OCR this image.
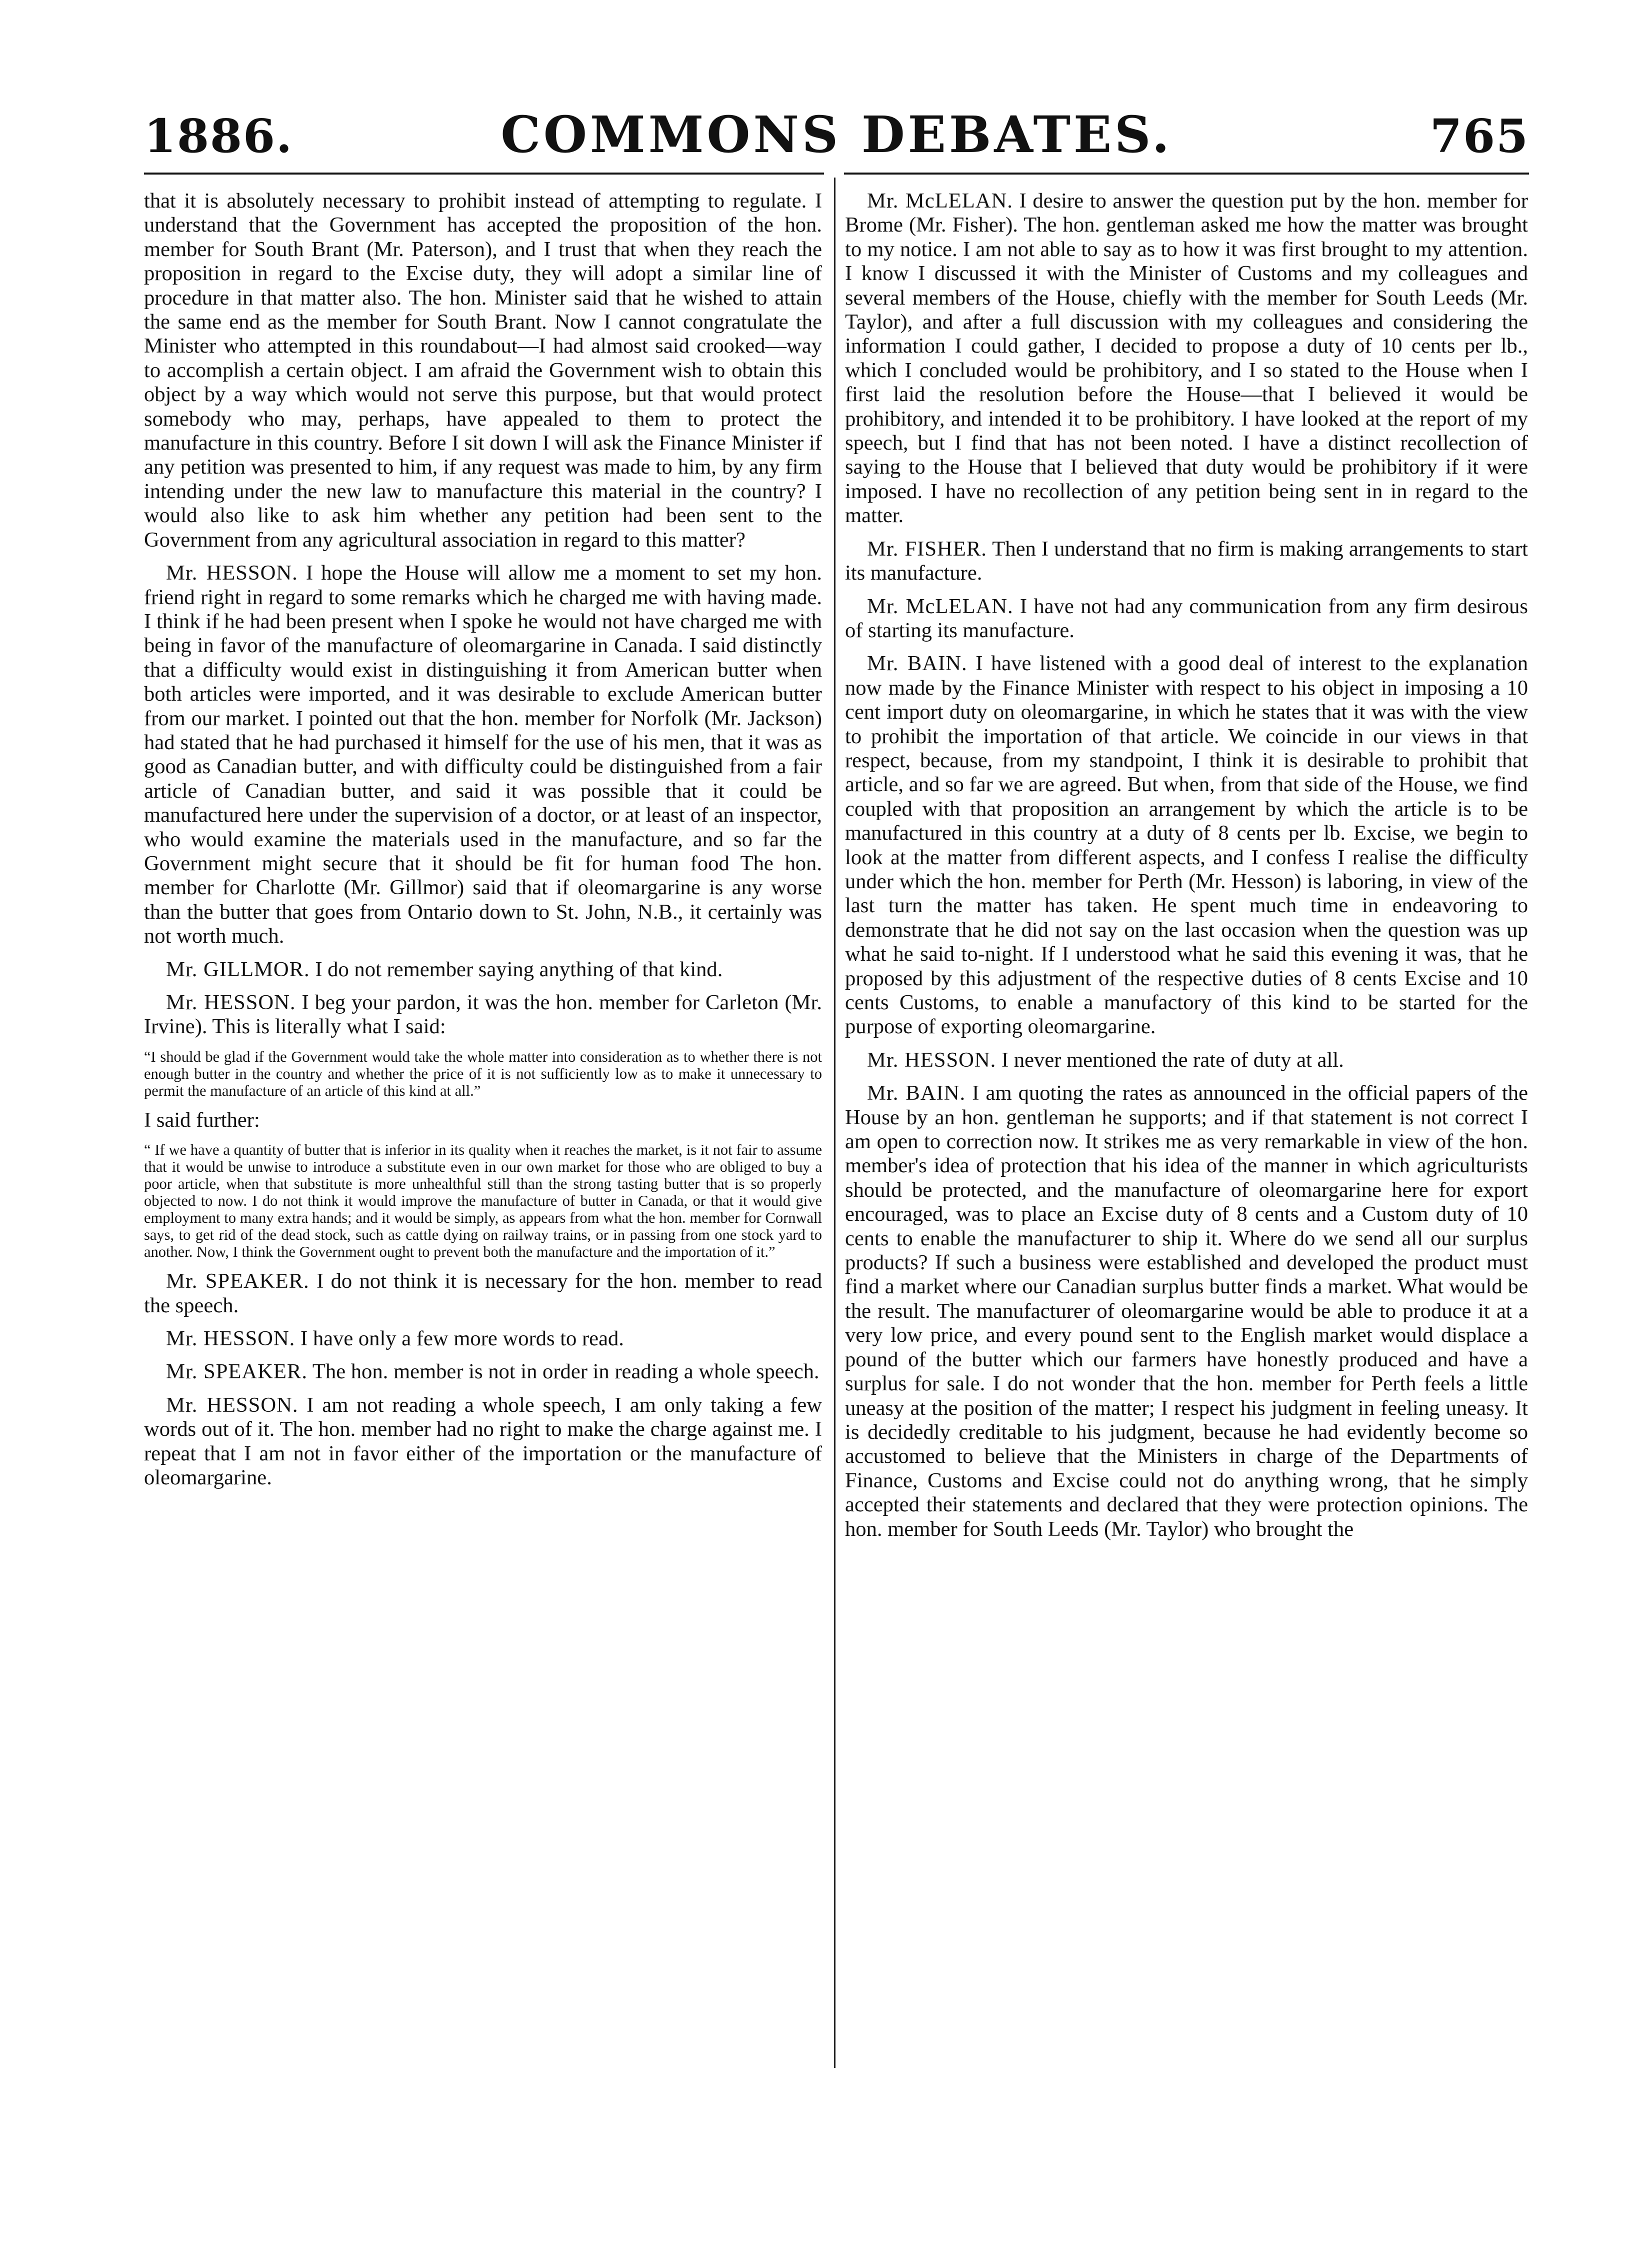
1886.	COMMONS DEBATES.	765

that it is absolutely necessary to prohibit instead of attempting to regulate. I understand that the Government has accepted the proposition of the hon. member for South Brant (Mr. Paterson), and I trust that when they reach the proposition in regard to the Excise duty, they will adopt a similar line of procedure in that matter also. The hon. Minister said that he wished to attain the same end as the member for South Brant. Now I cannot congratulate the Minister who attempted in this roundabout—I had almost said crooked—way to accomplish a certain object. I am afraid the Government wish to obtain this object by a way which would not serve this purpose, but that would protect somebody who may, perhaps, have appealed to them to protect the manufacture in this country. Before I sit down I will ask the Finance Minister if any petition was presented to him, if any request was made to him, by any firm intending under the new law to manufacture this material in the country? I would also like to ask him whether any petition had been sent to the Government from any agricultural association in regard to this matter?

Mr. HESSON. I hope the House will allow me a moment to set my hon. friend right in regard to some remarks which he charged me with having made. I think if he had been present when I spoke he would not have charged me with being in favor of the manufacture of oleomargarine in Canada. I said distinctly that a difficulty would exist in distinguishing it from American butter when both articles were imported, and it was desirable to exclude American butter from our market. I pointed out that the hon. member for Norfolk (Mr. Jackson) had stated that he had purchased it himself for the use of his men, that it was as good as Canadian butter, and with difficulty could be distinguished from a fair article of Canadian butter, and said it was possible that it could be manufactured here under the supervision of a doctor, or at least of an inspector, who would examine the materials used in the manufacture, and so far the Government might secure that it should be fit for human food The hon. member for Charlotte (Mr. Gillmor) said that if oleomargarine is any worse than the butter that goes from Ontario down to St. John, N.B., it certainly was not worth much.

Mr. GILLMOR. I do not remember saying anything of that kind.

Mr. HESSON. I beg your pardon, it was the hon. member for Carleton (Mr. Irvine). This is literally what I said:

“I should be glad if the Government would take the whole matter into consideration as to whether there is not enough butter in the country and whether the price of it is not sufficiently low as to make it unnecessary to permit the manufacture of an article of this kind at all.”

I said further:

“ If we have a quantity of butter that is inferior in its quality when it reaches the market, is it not fair to assume that it would be unwise to introduce a substitute even in our own market for those who are obliged to buy a poor article, when that substitute is more unhealthful still than the strong tasting butter that is so properly objected to now. I do not think it would improve the manufacture of butter in Canada, or that it would give employment to many extra hands; and it would be simply, as appears from what the hon. member for Cornwall says, to get rid of the dead stock, such as cattle dying on railway trains, or in passing from one stock yard to another. Now, I think the Government ought to prevent both the manufacture and the importation of it.”

Mr. SPEAKER. I do not think it is necessary for the hon. member to read the speech.

Mr. HESSON. I have only a few more words to read.

Mr. SPEAKER. The hon. member is not in order in reading a whole speech.

Mr. HESSON. I am not reading a whole speech, I am only taking a few words out of it. The hon. member had no right to make the charge against me. I repeat that I am not in favor either of the importation or the manufacture of oleomargarine.

Mr. McLELAN. I desire to answer the question put by the hon. member for Brome (Mr. Fisher). The hon. gentleman asked me how the matter was brought to my notice. I am not able to say as to how it was first brought to my attention. I know I discussed it with the Minister of Customs and my colleagues and several members of the House, chiefly with the member for South Leeds (Mr. Taylor), and after a full discussion with my colleagues and considering the information I could gather, I decided to propose a duty of 10 cents per lb., which I concluded would be prohibitory, and I so stated to the House when I first laid the resolution before the House—that I believed it would be prohibitory, and intended it to be prohibitory. I have looked at the report of my speech, but I find that has not been noted. I have a distinct recollection of saying to the House that I believed that duty would be prohibitory if it were imposed. I have no recollection of any petition being sent in in regard to the matter.

Mr. FISHER. Then I understand that no firm is making arrangements to start its manufacture.

Mr. McLELAN. I have not had any communication from any firm desirous of starting its manufacture.

Mr. BAIN. I have listened with a good deal of interest to the explanation now made by the Finance Minister with respect to his object in imposing a 10 cent import duty on oleomargarine, in which he states that it was with the view to prohibit the importation of that article. We coincide in our views in that respect, because, from my standpoint, I think it is desirable to prohibit that article, and so far we are agreed. But when, from that side of the House, we find coupled with that proposition an arrangement by which the article is to be manufactured in this country at a duty of 8 cents per lb. Excise, we begin to look at the matter from different aspects, and I confess I realise the difficulty under which the hon. member for Perth (Mr. Hesson) is laboring, in view of the last turn the matter has taken. He spent much time in endeavoring to demonstrate that he did not say on the last occasion when the question was up what he said to-night. If I understood what he said this evening it was, that he proposed by this adjustment of the respective duties of 8 cents Excise and 10 cents Customs, to enable a manufactory of this kind to be started for the purpose of exporting oleomargarine.

Mr. HESSON. I never mentioned the rate of duty at all.

Mr. BAIN. I am quoting the rates as announced in the official papers of the House by an hon. gentleman he supports; and if that statement is not correct I am open to correction now. It strikes me as very remarkable in view of the hon. member's idea of protection that his idea of the manner in which agriculturists should be protected, and the manufacture of oleomargarine here for export encouraged, was to place an Excise duty of 8 cents and a Custom duty of 10 cents to enable the manufacturer to ship it. Where do we send all our surplus products? If such a business were established and developed the product must find a market where our Canadian surplus butter finds a market. What would be the result. The manufacturer of oleomargarine would be able to produce it at a very low price, and every pound sent to the English market would displace a pound of the butter which our farmers have honestly produced and have a surplus for sale. I do not wonder that the hon. member for Perth feels a little uneasy at the position of the matter; I respect his judgment in feeling uneasy. It is decidedly creditable to his judgment, because he had evidently become so accustomed to believe that the Ministers in charge of the Departments of Finance, Customs and Excise could not do anything wrong, that he simply accepted their statements and declared that they were protection opinions. The hon. member for South Leeds (Mr. Taylor) who brought the
